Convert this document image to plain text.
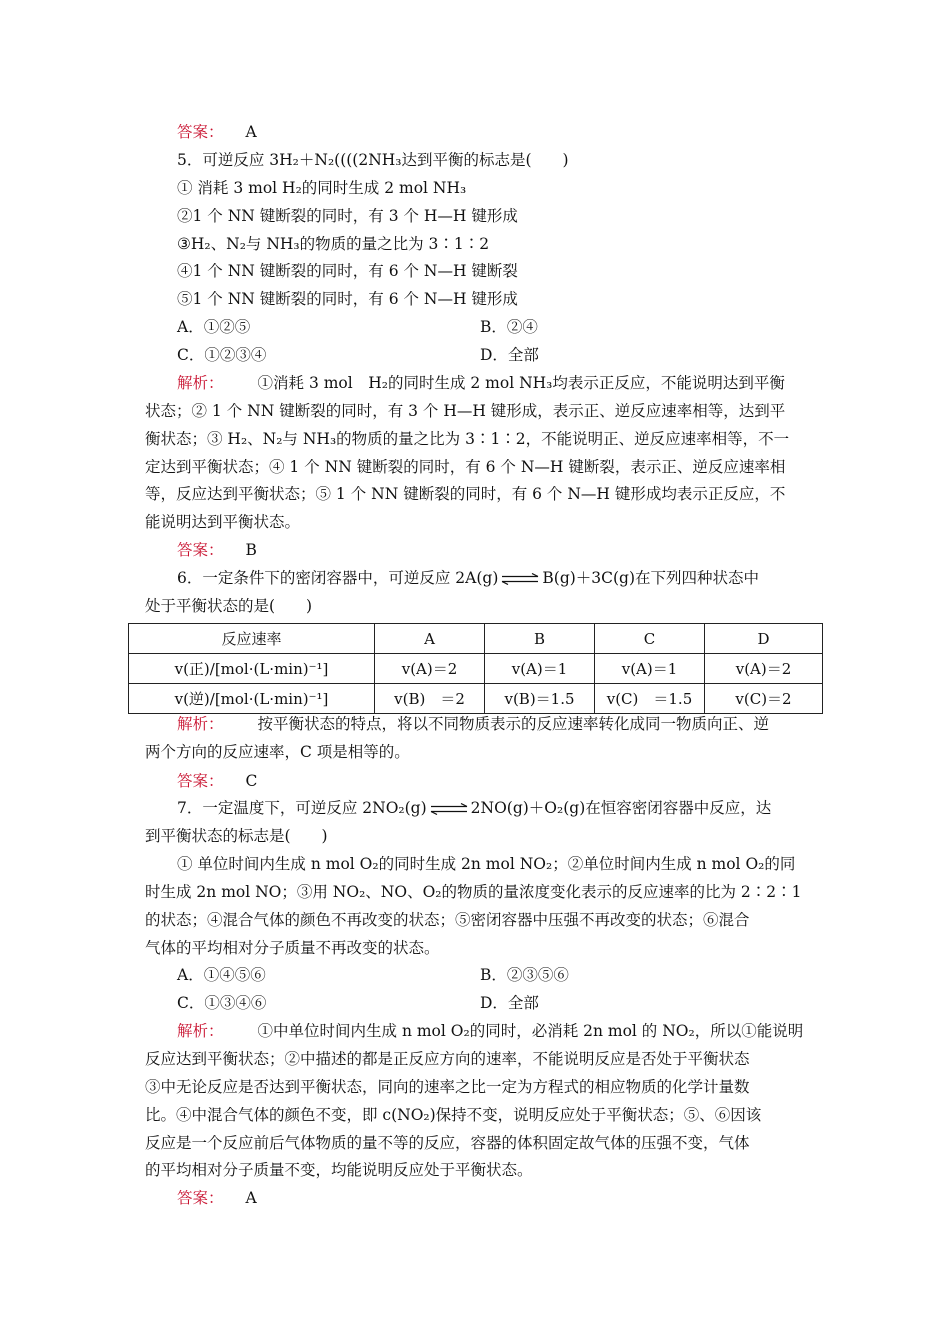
答案： A
5．可逆反应 3H₂＋N₂((((2NH₃达到平衡的标志是(　　)
① 消耗 3 mol H₂的同时生成 2 mol NH₃
②1 个 NN 键断裂的同时，有 3 个 H—H 键形成
③H₂、N₂与 NH₃的物质的量之比为 3∶1∶2
④1 个 NN 键断裂的同时，有 6 个 N—H 键断裂
⑤1 个 NN 键断裂的同时，有 6 个 N—H 键形成
A．①②⑤	B．②④
C．①②③④	D．全部
解析： ①消耗 3 mol　H₂的同时生成 2 mol NH₃均表示正反应，不能说明达到平衡
状态；② 1 个 NN 键断裂的同时，有 3 个 H—H 键形成，表示正、逆反应速率相等，达到平
衡状态；③ H₂、N₂与 NH₃的物质的量之比为 3∶1∶2，不能说明正、逆反应速率相等，不一
定达到平衡状态；④ 1 个 NN 键断裂的同时，有 6 个 N—H 键断裂，表示正、逆反应速率相
等，反应达到平衡状态；⑤ 1 个 NN 键断裂的同时，有 6 个 N—H 键形成均表示正反应，不
能说明达到平衡状态。
答案： B
6．一定条件下的密闭容器中，可逆反应 2A(g) ⇌ B(g)＋3C(g)在下列四种状态中
处于平衡状态的是(　　)
反应速率	A	B	C	D
v(正)/[mol·(L·min)⁻¹]	v(A)＝2	v(A)＝1	v(A)＝1	v(A)＝2
v(逆)/[mol·(L·min)⁻¹]	v(B)　＝2	v(B)＝1.5	v(C)　＝1.5	v(C)＝2
解析： 按平衡状态的特点，将以不同物质表示的反应速率转化成同一物质向正、逆
两个方向的反应速率，C 项是相等的。
答案： C
7．一定温度下，可逆反应 2NO₂(g) ⇌ 2NO(g)＋O₂(g)在恒容密闭容器中反应，达
到平衡状态的标志是(　　)
① 单位时间内生成 n mol O₂的同时生成 2n mol NO₂；②单位时间内生成 n mol O₂的同
时生成 2n mol NO；③用 NO₂、NO、O₂的物质的量浓度变化表示的反应速率的比为 2∶2∶1
的状态；④混合气体的颜色不再改变的状态；⑤密闭容器中压强不再改变的状态；⑥混合
气体的平均相对分子质量不再改变的状态。
A．①④⑤⑥	B．②③⑤⑥
C．①③④⑥	D．全部
解析： ①中单位时间内生成 n mol O₂的同时，必消耗 2n mol 的 NO₂，所以①能说明
反应达到平衡状态；②中描述的都是正反应方向的速率，不能说明反应是否处于平衡状态
③中无论反应是否达到平衡状态，同向的速率之比一定为方程式的相应物质的化学计量数
比。④中混合气体的颜色不变，即 c(NO₂)保持不变，说明反应处于平衡状态；⑤、⑥因该
反应是一个反应前后气体物质的量不等的反应，容器的体积固定故气体的压强不变，气体
的平均相对分子质量不变，均能说明反应处于平衡状态。
答案： A
